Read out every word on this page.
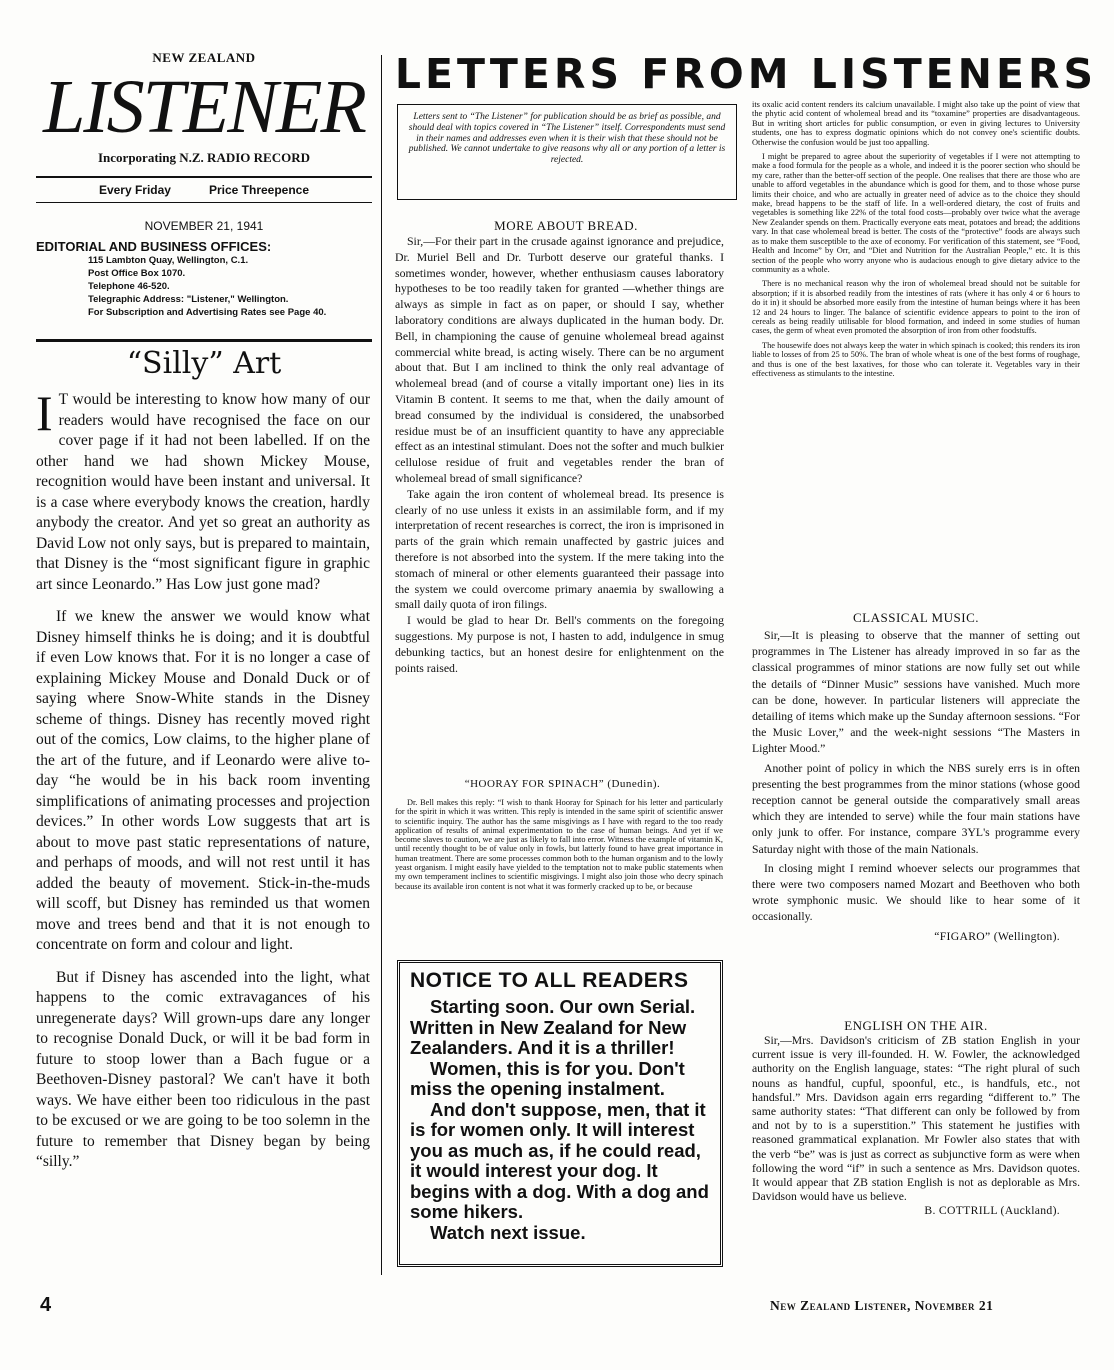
NEW ZEALAND
LISTENER
Incorporating N.Z. RADIO RECORD
Every Friday	Price Threepence
NOVEMBER 21, 1941
EDITORIAL AND BUSINESS OFFICES:
115 Lambton Quay, Wellington, C.1.
Post Office Box 1070.
Telephone 46-520.
Telegraphic Address: "Listener," Wellington.
For Subscription and Advertising Rates see Page 40.
“Silly” Art

I T would be interesting to know how many of our readers would have recognised the face on our cover page if it had not been labelled. If on the other hand we had shown Mickey Mouse, recognition would have been instant and universal. It is a case where everybody knows the creation, hardly anybody the creator. And yet so great an authority as David Low not only says, but is prepared to maintain, that Disney is the “most significant figure in graphic art since Leonardo.” Has Low just gone mad?

If we knew the answer we would know what Disney himself thinks he is doing; and it is doubtful if even Low knows that. For it is no longer a case of explaining Mickey Mouse and Donald Duck or of saying where Snow-White stands in the Disney scheme of things. Disney has recently moved right out of the comics, Low claims, to the higher plane of the art of the future, and if Leonardo were alive to-day “he would be in his back room inventing simplifications of animating processes and projection devices.” In other words Low suggests that art is about to move past static representations of nature, and perhaps of moods, and will not rest until it has added the beauty of movement. Stick-in-the-muds will scoff, but Disney has reminded us that women move and trees bend and that it is not enough to concentrate on form and colour and light.

But if Disney has ascended into the light, what happens to the comic extravagances of his unregenerate days? Will grown-ups dare any longer to recognise Donald Duck, or will it be bad form in future to stoop lower than a Bach fugue or a Beethoven-Disney pastoral? We can't have it both ways. We have either been too ridiculous in the past to be excused or we are going to be too solemn in the future to remember that Disney began by being “silly.”

4
LETTERS FROM LISTENERS

Letters sent to “The Listener” for publication should be as brief as possible, and should deal with topics covered in “The Listener” itself. Correspondents must send in their names and addresses even when it is their wish that these should not be published. We cannot undertake to give reasons why all or any portion of a letter is rejected.

MORE ABOUT BREAD.

Sir,—For their part in the crusade against ignorance and prejudice, Dr. Muriel Bell and Dr. Turbott deserve our grateful thanks. I sometimes wonder, however, whether enthusiasm causes laboratory hypotheses to be too readily taken for granted —whether things are always as simple in fact as on paper, or should I say, whether laboratory conditions are always duplicated in the human body. Dr. Bell, in championing the cause of genuine wholemeal bread against commercial white bread, is acting wisely. There can be no argument about that. But I am inclined to think the only real advantage of wholemeal bread (and of course a vitally important one) lies in its Vitamin B content. It seems to me that, when the daily amount of bread consumed by the individual is considered, the unabsorbed residue must be of an insufficient quantity to have any appreciable effect as an intestinal stimulant. Does not the softer and much bulkier cellulose residue of fruit and vegetables render the bran of wholemeal bread of small significance?

Take again the iron content of wholemeal bread. Its presence is clearly of no use unless it exists in an assimilable form, and if my interpretation of recent researches is correct, the iron is imprisoned in parts of the grain which remain unaffected by gastric juices and therefore is not absorbed into the system. If the mere taking into the stomach of mineral or other elements guaranteed their passage into the system we could overcome primary anaemia by swallowing a small daily quota of iron filings.

I would be glad to hear Dr. Bell's comments on the foregoing suggestions. My purpose is not, I hasten to add, indulgence in smug debunking tactics, but an honest desire for enlightenment on the points raised.

“HOORAY FOR SPINACH” (Dunedin).
Dr. Bell makes this reply: “I wish to thank Hooray for Spinach for his letter and particularly for the spirit in which it was written. This reply is intended in the same spirit of scientific answer to scientific inquiry. The author has the same misgivings as I have with regard to the too ready application of results of animal experimentation to the case of human beings. And yet if we become slaves to caution, we are just as likely to fall into error. Witness the example of vitamin K, until recently thought to be of value only in fowls, but latterly found to have great importance in human treatment. There are some processes common both to the human organism and to the lowly yeast organism. I might easily have yielded to the temptation not to make public statements when my own temperament inclines to scientific misgivings. I might also join those who decry spinach because its available iron content is not what it was formerly cracked up to be, or because
NOTICE TO ALL READERS
Starting soon. Our own Serial. Written in New Zealand for New Zealanders. And it is a thriller!
Women, this is for you. Don't miss the opening instalment.
And don't suppose, men, that it is for women only. It will interest you as much as, if he could read, it would interest your dog. It begins with a dog. With a dog and some hikers.
Watch next issue.

its oxalic acid content renders its calcium unavailable. I might also take up the point of view that the phytic acid content of wholemeal bread and its “toxamine” properties are disadvantageous. But in writing short articles for public consumption, or even in giving lectures to University students, one has to express dogmatic opinions which do not convey one's scientific doubts. Otherwise the confusion would be just too appalling.

I might be prepared to agree about the superiority of vegetables if I were not attempting to make a food formula for the people as a whole, and indeed it is the poorer section who should be my care, rather than the better-off section of the people. One realises that there are those who are unable to afford vegetables in the abundance which is good for them, and to those whose purse limits their choice, and who are actually in greater need of advice as to the choice they should make, bread happens to be the staff of life. In a well-ordered dietary, the cost of fruits and vegetables is something like 22% of the total food costs—probably over twice what the average New Zealander spends on them. Practically everyone eats meat, potatoes and bread; the additions vary. In that case wholemeal bread is better. The costs of the “protective” foods are always such as to make them susceptible to the axe of economy. For verification of this statement, see “Food, Health and Income” by Orr, and “Diet and Nutrition for the Australian People,” etc. It is this section of the people who worry anyone who is audacious enough to give dietary advice to the community as a whole.

There is no mechanical reason why the iron of wholemeal bread should not be suitable for absorption; if it is absorbed readily from the intestines of rats (where it has only 4 or 6 hours to do it in) it should be absorbed more easily from the intestine of human beings where it has been 12 and 24 hours to linger. The balance of scientific evidence appears to point to the iron of cereals as being readily utilisable for blood formation, and indeed in some studies of human cases, the germ of wheat even promoted the absorption of iron from other foodstuffs.

The housewife does not always keep the water in which spinach is cooked; this renders its iron liable to losses of from 25 to 50%. The bran of whole wheat is one of the best forms of roughage, and thus is one of the best laxatives, for those who can tolerate it. Vegetables vary in their effectiveness as stimulants to the intestine.

CLASSICAL MUSIC.

Sir,—It is pleasing to observe that the manner of setting out programmes in The Listener has already improved in so far as the classical programmes of minor stations are now fully set out while the details of “Dinner Music” sessions have vanished. Much more can be done, however. In particular listeners will appreciate the detailing of items which make up the Sunday afternoon sessions. “For the Music Lover,” and the week-night sessions “The Masters in Lighter Mood.”

Another point of policy in which the NBS surely errs is in often presenting the best programmes from the minor stations (whose good reception cannot be general outside the comparatively small areas which they are intended to serve) while the four main stations have only junk to offer. For instance, compare 3YL's programme every Saturday night with those of the main Nationals.

In closing might I remind whoever selects our programmes that there were two composers named Mozart and Beethoven who both wrote symphonic music. We should like to hear some of it occasionally.

“FIGARO” (Wellington).
ENGLISH ON THE AIR.

Sir,—Mrs. Davidson's criticism of ZB station English in your current issue is very ill-founded. H. W. Fowler, the acknowledged authority on the English language, states: “The right plural of such nouns as handful, cupful, spoonful, etc., is handfuls, etc., not handsful.” Mrs. Davidson again errs regarding “different to.” The same authority states: “That different can only be followed by from and not by to is a superstition.” This statement he justifies with reasoned grammatical explanation. Mr Fowler also states that with the verb “be” was is just as correct as subjunctive form as were when following the word “if” in such a sentence as Mrs. Davidson quotes. It would appear that ZB station English is not as deplorable as Mrs. Davidson would have us believe.

B. COTTRILL (Auckland).
New Zealand Listener, November 21
